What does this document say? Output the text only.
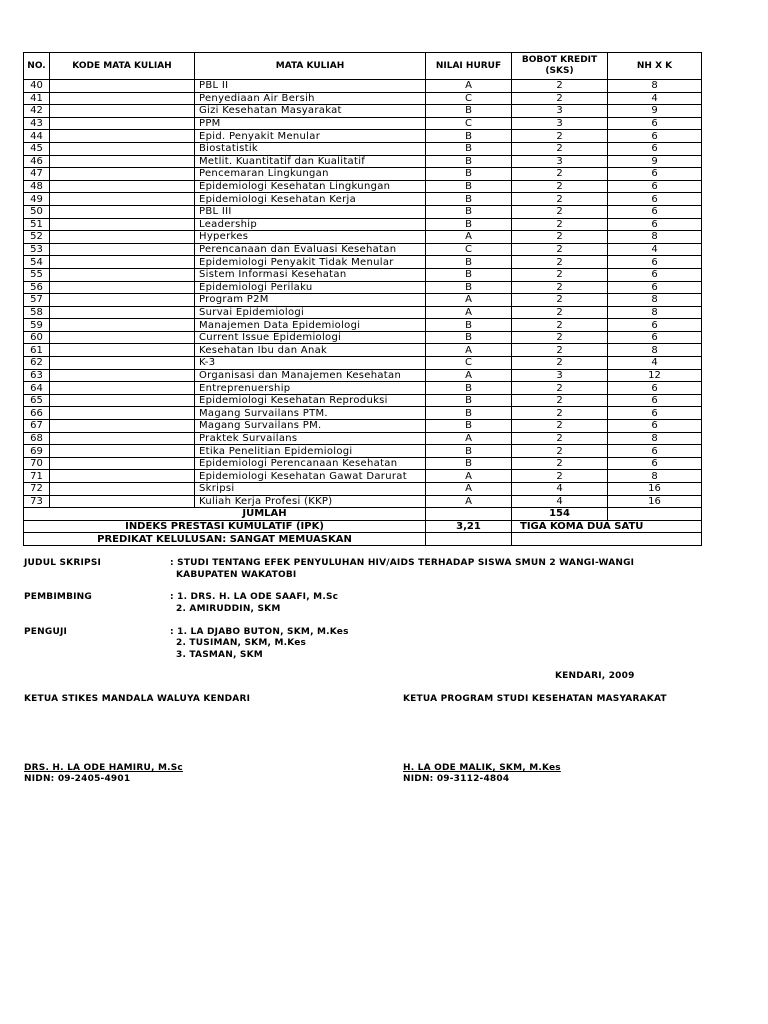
NO.	KODE MATA KULIAH	MATA KULIAH	NILAI HURUF	BOBOT KREDIT (SKS)	NH X K
40		PBL II	A	2	8
41		Penyediaan Air Bersih	C	2	4
42		Gizi Kesehatan Masyarakat	B	3	9
43		PPM	C	3	6
44		Epid. Penyakit Menular	B	2	6
45		Biostatistik	B	2	6
46		Metlit. Kuantitatif dan Kualitatif	B	3	9
47		Pencemaran Lingkungan	B	2	6
48		Epidemiologi Kesehatan Lingkungan	B	2	6
49		Epidemiologi Kesehatan Kerja	B	2	6
50		PBL III	B	2	6
51		Leadership	B	2	6
52		Hyperkes	A	2	8
53		Perencanaan dan Evaluasi Kesehatan	C	2	4
54		Epidemiologi Penyakit Tidak Menular	B	2	6
55		Sistem Informasi Kesehatan	B	2	6
56		Epidemiologi Perilaku	B	2	6
57		Program P2M	A	2	8
58		Survai Epidemiologi	A	2	8
59		Manajemen Data Epidemiologi	B	2	6
60		Current Issue Epidemiologi	B	2	6
61		Kesehatan Ibu dan Anak	A	2	8
62		K-3	C	2	4
63		Organisasi dan Manajemen Kesehatan	A	3	12
64		Entreprenuership	B	2	6
65		Epidemiologi Kesehatan Reproduksi	B	2	6
66		Magang Survailans PTM.	B	2	6
67		Magang Survailans PM.	B	2	6
68		Praktek Survailans	A	2	8
69		Etika Penelitian Epidemiologi	B	2	6
70		Epidemiologi Perencanaan Kesehatan	B	2	6
71		Epidemiologi Kesehatan Gawat Darurat	A	2	8
72		Skripsi	A	4	16
73		Kuliah Kerja Profesi (KKP)	A	4	16
JUMLAH				154	
INDEKS PRESTASI KUMULATIF (IPK)			3,21	TIGA KOMA DUA SATU	
PREDIKAT KELULUSAN: SANGAT MEMUASKAN					
JUDUL SKRIPSI	: STUDI TENTANG EFEK PENYULUHAN HIV/AIDS TERHADAP SISWA SMUN 2 WANGI-WANGI
KABUPATEN WAKATOBI
PEMBIMBING	: 1. DRS. H. LA ODE SAAFI, M.Sc
2. AMIRUDDIN, SKM
PENGUJI	: 1. LA DJABO BUTON, SKM, M.Kes
2. TUSIMAN, SKM, M.Kes
3. TASMAN, SKM
KENDARI, 2009
KETUA STIKES MANDALA WALUYA KENDARI	KETUA PROGRAM STUDI KESEHATAN MASYARAKAT
DRS. H. LA ODE HAMIRU, M.Sc
NIDN: 09-2405-4901
H. LA ODE MALIK, SKM, M.Kes
NIDN: 09-3112-4804
